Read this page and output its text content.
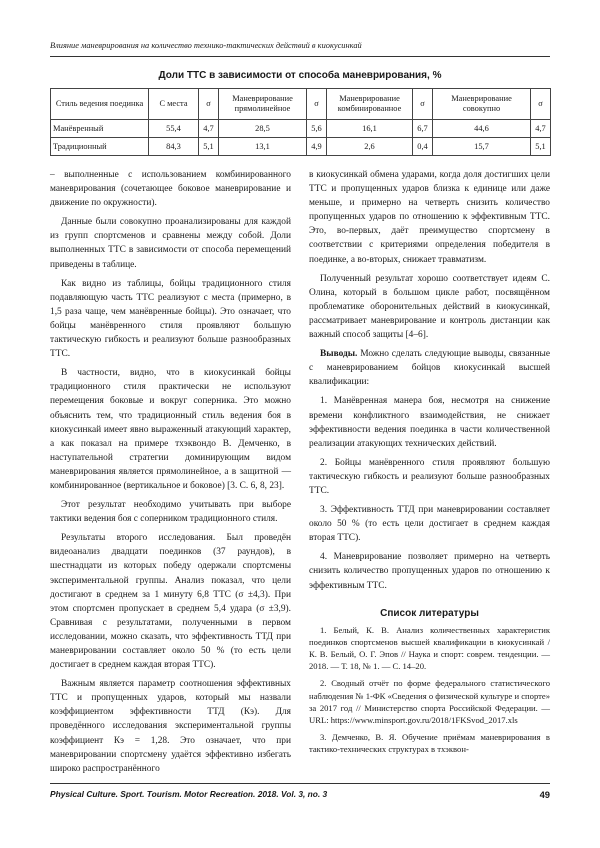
Влияние маневрирования на количество технико-тактических действий в киокусинкай
Доли ТТС в зависимости от способа маневрирования, %
Стиль ведения поединка	С места	σ	Маневрирование прямолинейное	σ	Маневрирование комбинированное	σ	Маневрирование совокупно	σ
Манёвренный	55,4	4,7	28,5	5,6	16,1	6,7	44,6	4,7
Традиционный	84,3	5,1	13,1	4,9	2,6	0,4	15,7	5,1

– выполненные с использованием комбинированного маневрирования (сочетающее боковое маневрирование и движение по окружности).

Данные были совокупно проанализированы для каждой из групп спортсменов и сравнены между собой. Доли выполненных ТТС в зависимости от способа перемещений приведены в таблице.

Как видно из таблицы, бойцы традиционного стиля подавляющую часть ТТС реализуют с места (примерно, в 1,5 раза чаще, чем манёвренные бойцы). Это означает, что бойцы манёвренного стиля проявляют большую тактическую гибкость и реализуют больше разнообразных ТТС.

В частности, видно, что в киокусинкай бойцы традиционного стиля практически не используют перемещения боковые и вокруг соперника. Это можно объяснить тем, что традиционный стиль ведения боя в киокусинкай имеет явно выраженный атакующий характер, а как показал на примере тхэквондо В. Демченко, в наступательной стратегии доминирующим видом маневрирования является прямолинейное, а в защитной — комбинированное (вертикальное и боковое) [3. С. 6, 8, 23].

Этот результат необходимо учитывать при выборе тактики ведения боя с соперником традиционного стиля.

Результаты второго исследования. Был проведён видеоанализ двадцати поединков (37 раундов), в шестнадцати из которых победу одержали спортсмены экспериментальной группы. Анализ показал, что цели достигают в среднем за 1 минуту 6,8 ТТС (σ ±4,3). При этом спортсмен пропускает в среднем 5,4 удара (σ ±3,9). Сравнивая с результатами, полученными в первом исследовании, можно сказать, что эффективность ТТД при маневрировании составляет около 50 % (то есть цели достигает в среднем каждая вторая ТТС).

Важным является параметр соотношения эффективных ТТС и пропущенных ударов, который мы назвали коэффициентом эффективности ТТД (Кэ). Для проведённого исследования экспериментальной группы коэффициент Кэ = 1,28. Это означает, что при маневрировании спортсмену удаётся эффективно избегать широко распространённого

в киокусинкай обмена ударами, когда доля достигших цели ТТС и пропущенных ударов близка к единице или даже меньше, и примерно на четверть снизить количество пропущенных ударов по отношению к эффективным ТТС. Это, во-первых, даёт преимущество спортсмену в соответствии с критериями определения победителя в поединке, а во-вторых, снижает травматизм.

Полученный результат хорошо соответствует идеям С. Олина, который в большом цикле работ, посвящённом проблематике оборонительных действий в киокусинкай, рассматривает маневрирование и контроль дистанции как важный способ защиты [4–6].

Выводы. Можно сделать следующие выводы, связанные с маневрированием бойцов киокусинкай высшей квалификации:

1. Манёвренная манера боя, несмотря на снижение времени конфликтного взаимодействия, не снижает эффективности ведения поединка в части количественной реализации атакующих технических действий.

2. Бойцы манёвренного стиля проявляют большую тактическую гибкость и реализуют больше разнообразных ТТС.

3. Эффективность ТТД при маневрировании составляет около 50 % (то есть цели достигает в среднем каждая вторая ТТС).

4. Маневрирование позволяет примерно на четверть снизить количество пропущенных ударов по отношению к эффективным ТТС.

Список литературы

1. Белый, К. В. Анализ количественных характеристик поединков спортсменов высшей квалификации в киокусинкай / К. В. Белый, О. Г. Эпов // Наука и спорт: соврем. тенденции. — 2018. — Т. 18, № 1. — С. 14–20.

2. Сводный отчёт по форме федерального статистического наблюдения № 1-ФК «Сведения о физической культуре и спорте» за 2017 год // Министерство спорта Российской Федерации. — URL: https://www.minsport.gov.ru/2018/1FKSvod_2017.xls

3. Демченко, В. Я. Обучение приёмам маневрирования в тактико-технических структурах в тхэквон-

Physical Culture. Sport. Tourism. Motor Recreation. 2018. Vol. 3, no. 3	49
